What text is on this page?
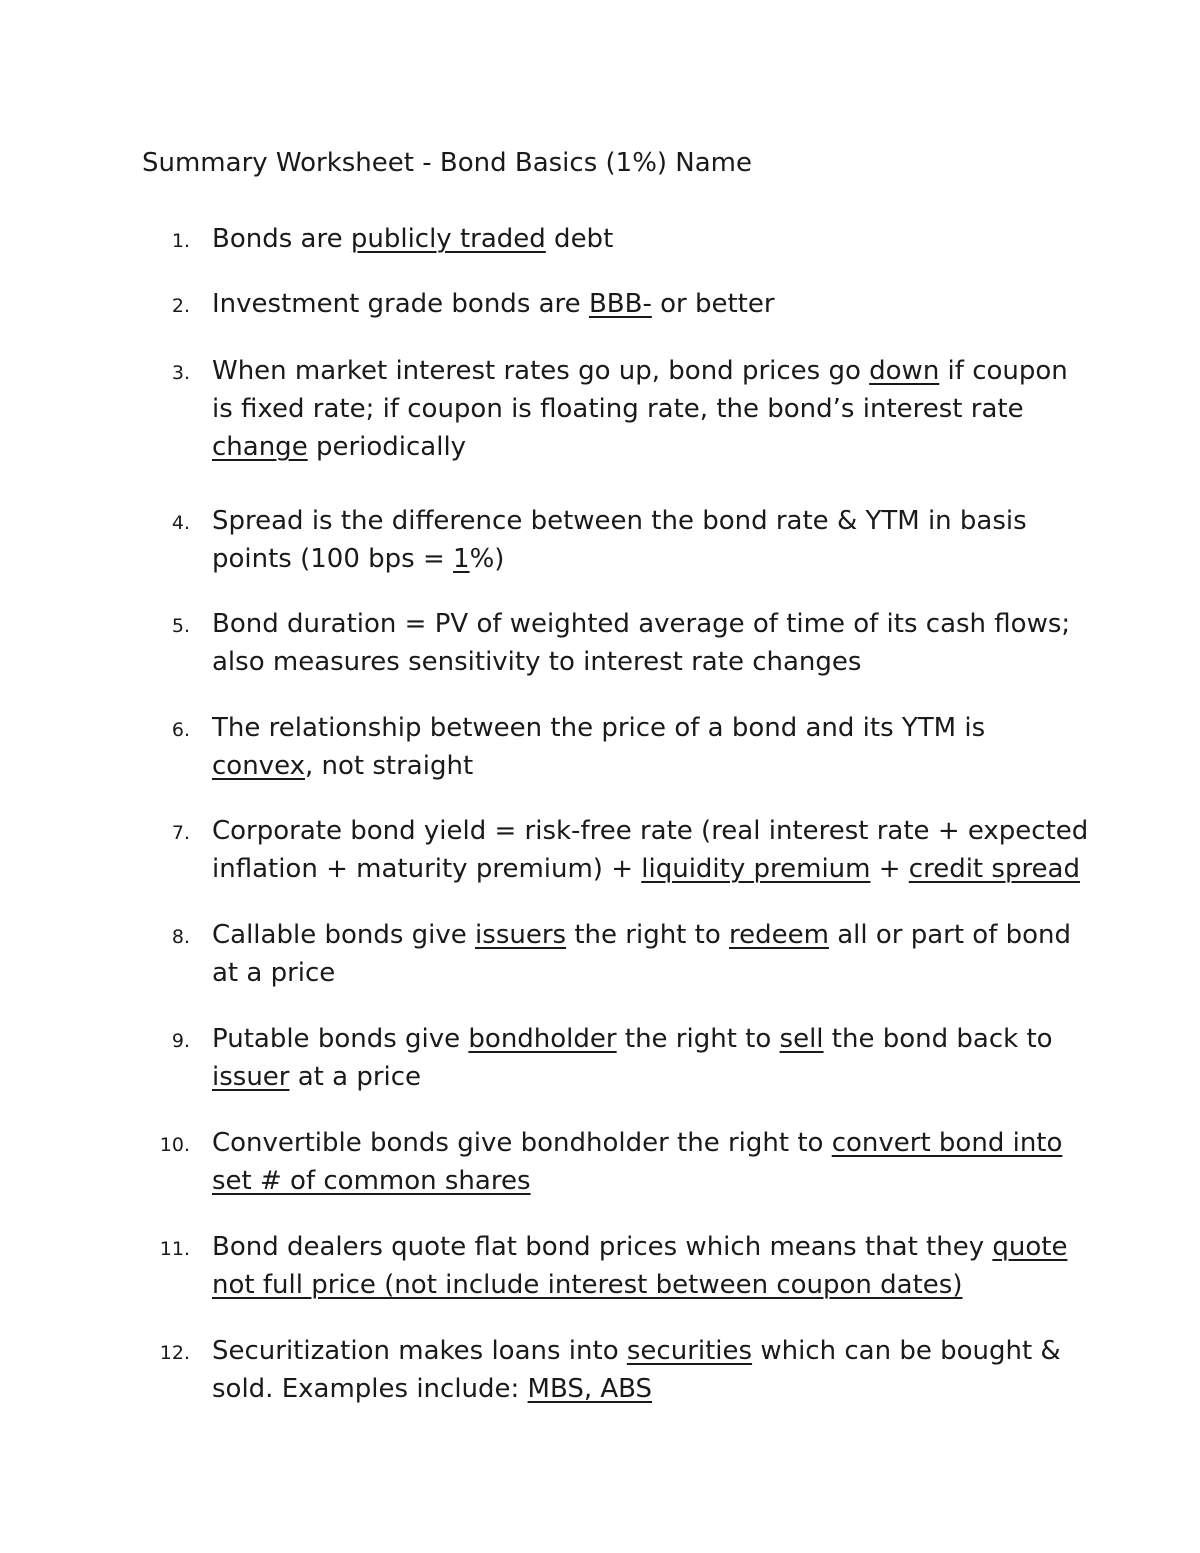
Summary Worksheet - Bond Basics (1%) Name
1. Bonds are publicly traded debt
2. Investment grade bonds are BBB- or better
3. When market interest rates go up, bond prices go down if coupon
is fixed rate; if coupon is floating rate, the bond’s interest rate
change periodically
4. Spread is the difference between the bond rate & YTM in basis
points (100 bps = 1%)
5. Bond duration = PV of weighted average of time of its cash flows;
also measures sensitivity to interest rate changes
6. The relationship between the price of a bond and its YTM is
convex, not straight
7. Corporate bond yield = risk-free rate (real interest rate + expected
inflation + maturity premium) + liquidity premium + credit spread
8. Callable bonds give issuers the right to redeem all or part of bond
at a price
9. Putable bonds give bondholder the right to sell the bond back to
issuer at a price
10. Convertible bonds give bondholder the right to convert bond into
set # of common shares
11. Bond dealers quote flat bond prices which means that they quote
not full price (not include interest between coupon dates)
12. Securitization makes loans into securities which can be bought &
sold. Examples include: MBS, ABS
